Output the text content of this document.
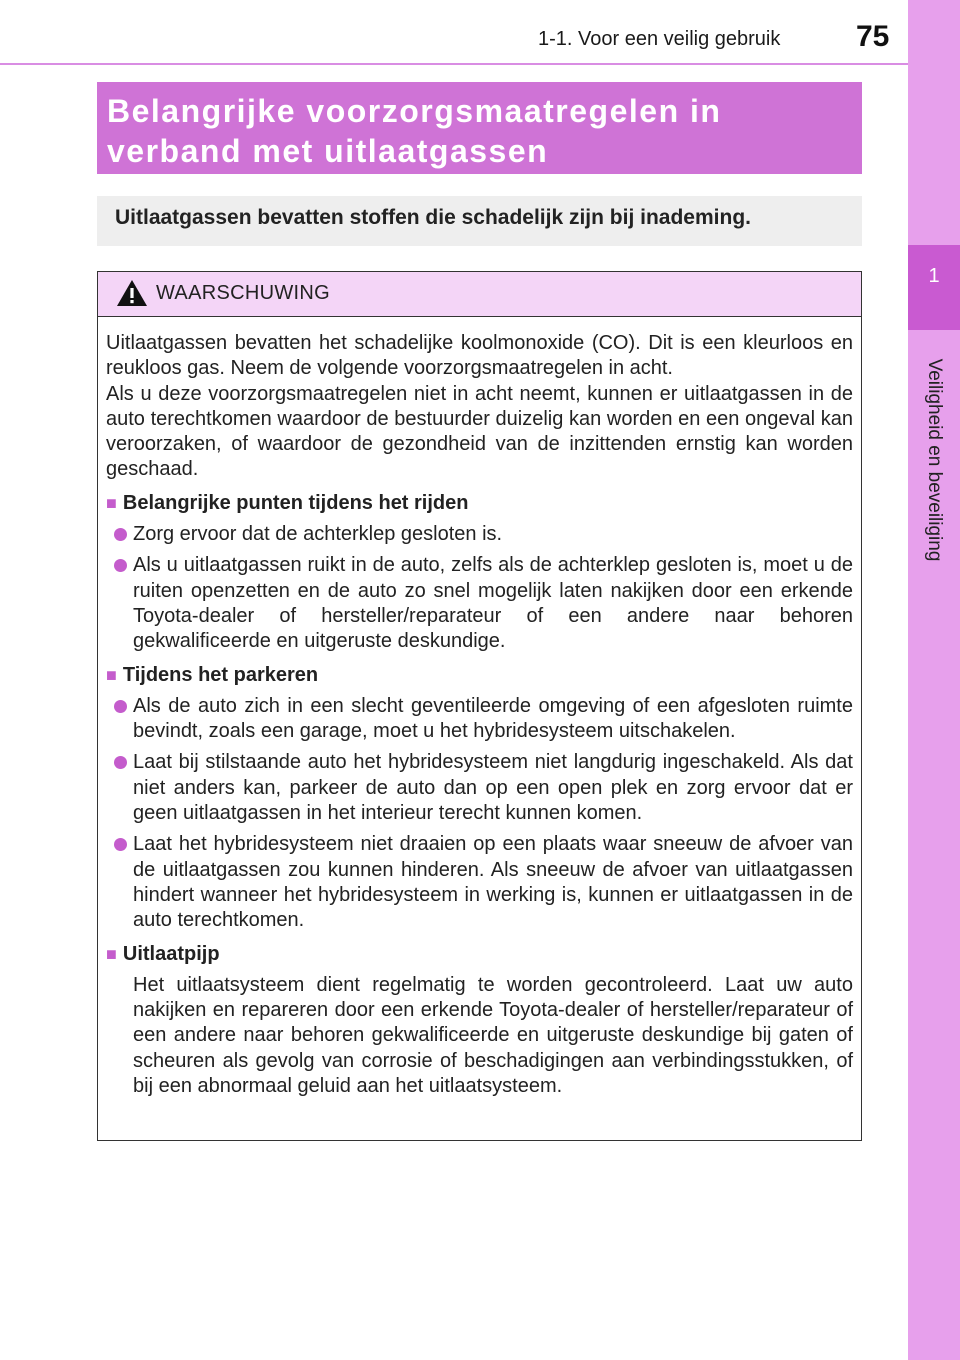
1-1. Voor een veilig gebruik	75
1
Veiligheid en beveiliging
Belangrijke voorzorgsmaatregelen in
verband met uitlaatgassen
Uitlaatgassen bevatten stoffen die schadelijk zijn bij inademing.
WAARSCHUWING

Uitlaatgassen bevatten het schadelijke koolmonoxide (CO). Dit is een kleurloos en reukloos gas. Neem de volgende voorzorgsmaatregelen in acht.

Als u deze voorzorgsmaatregelen niet in acht neemt, kunnen er uitlaatgassen in de auto terechtkomen waardoor de bestuurder duizelig kan worden en een ongeval kan veroorzaken, of waardoor de gezondheid van de inzittenden ernstig kan worden geschaad.

■ Belangrijke punten tijdens het rijden

Zorg ervoor dat de achterklep gesloten is.

Als u uitlaatgassen ruikt in de auto, zelfs als de achterklep gesloten is, moet u de ruiten openzetten en de auto zo snel mogelijk laten nakijken door een erkende Toyota-dealer of hersteller/reparateur of een andere naar behoren gekwalificeerde en uitgeruste deskundige.

■ Tijdens het parkeren

Als de auto zich in een slecht geventileerde omgeving of een afgesloten ruimte bevindt, zoals een garage, moet u het hybridesysteem uitschakelen.

Laat bij stilstaande auto het hybridesysteem niet langdurig ingeschakeld. Als dat niet anders kan, parkeer de auto dan op een open plek en zorg ervoor dat er geen uitlaatgassen in het interieur terecht kunnen komen.

Laat het hybridesysteem niet draaien op een plaats waar sneeuw de afvoer van de uitlaatgassen zou kunnen hinderen. Als sneeuw de afvoer van uitlaatgassen hindert wanneer het hybridesysteem in werking is, kunnen er uitlaatgassen in de auto terechtkomen.

■ Uitlaatpijp

Het uitlaatsysteem dient regelmatig te worden gecontroleerd. Laat uw auto nakijken en repareren door een erkende Toyota-dealer of hersteller/reparateur of een andere naar behoren gekwalificeerde en uitgeruste deskundige bij gaten of scheuren als gevolg van corrosie of beschadigingen aan verbindingsstukken, of bij een abnormaal geluid aan het uitlaatsysteem.
